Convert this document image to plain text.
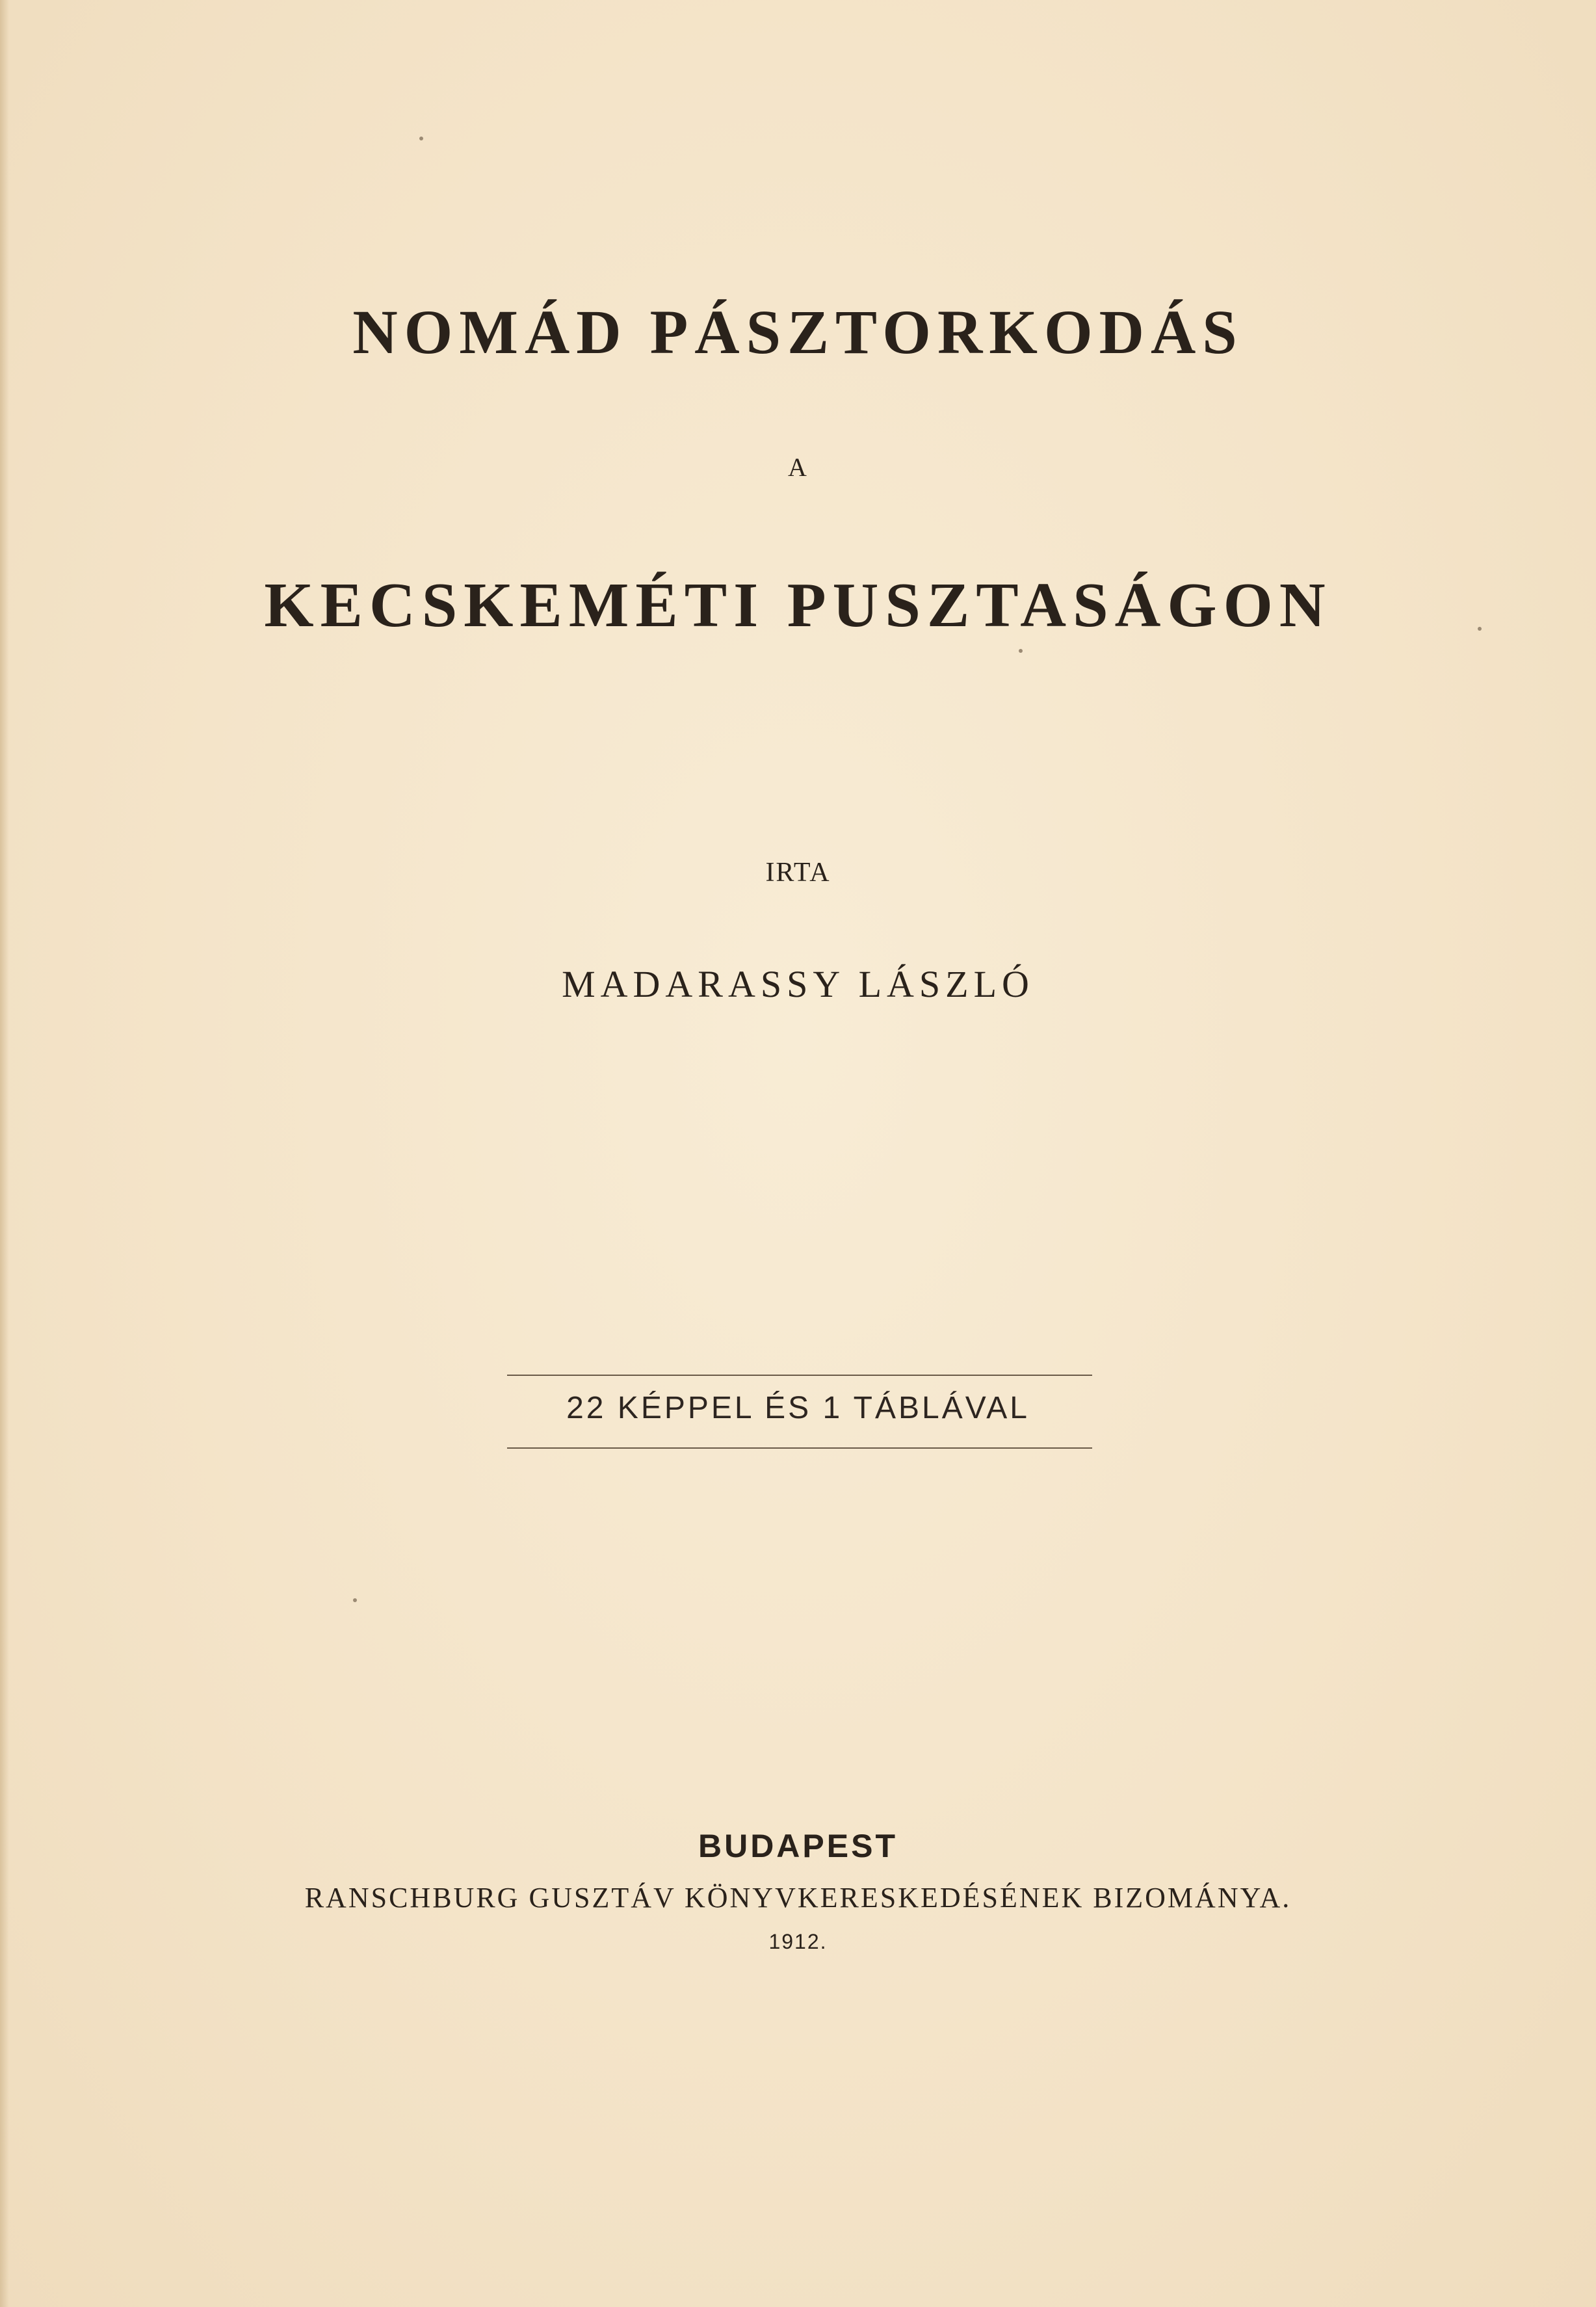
NOMÁD PÁSZTORKODÁS
A
KECSKEMÉTI PUSZTASÁGON
IRTA
MADARASSY LÁSZLÓ
22 KÉPPEL ÉS 1 TÁBLÁVAL
BUDAPEST
RANSCHBURG GUSZTÁV KÖNYVKERESKEDÉSÉNEK BIZOMÁNYA.
1912.
